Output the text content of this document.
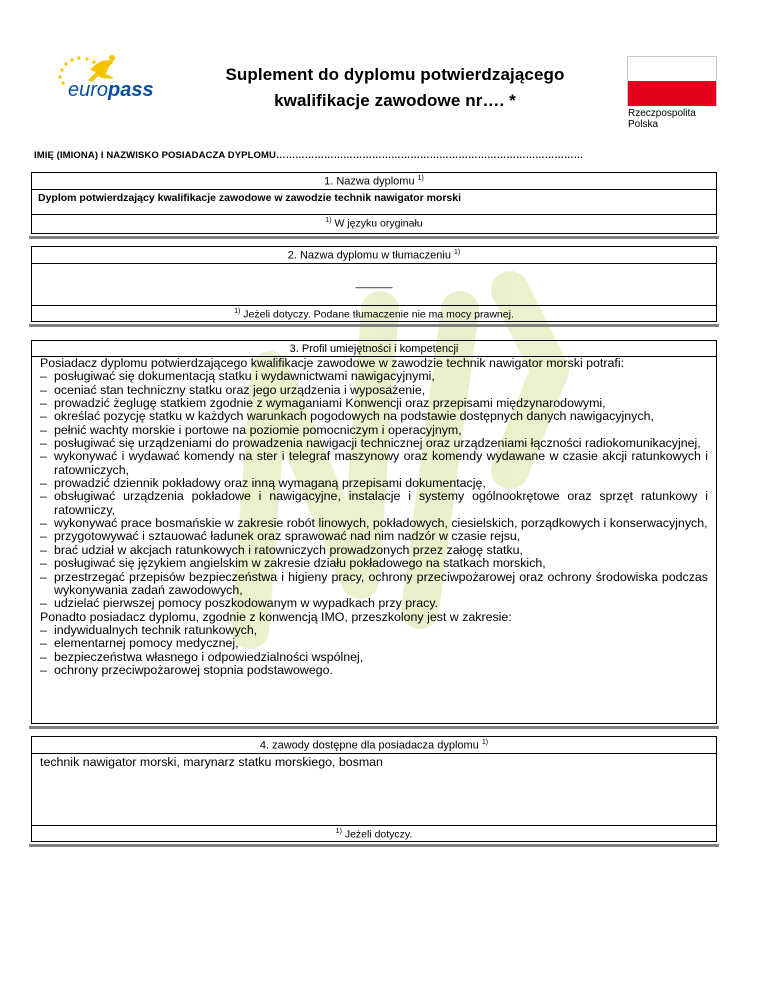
europass
Suplement do dyplomu potwierdzającego
kwalifikacje zawodowe nr…. *
Rzeczpospolita
Polska
IMIĘ (IMIONA) I NAZWISKO POSIADACZA DYPLOMU……………………………………………………………………………………
1. Nazwa dyplomu $^{1)}$
Dyplom potwierdzający kwalifikacje zawodowe w zawodzie technik nawigator morski
$^{1)}$ W języku oryginału
2. Nazwa dyplomu w tłumaczeniu $^{1)}$
______
$^{1)}$ Jeżeli dotyczy. Podane tłumaczenie nie ma mocy prawnej.
3. Profil umiejętności i kompetencji
Posiadacz dyplomu potwierdzającego kwalifikacje zawodowe w zawodzie technik nawigator morski potrafi:
– posługiwać się dokumentacją statku i wydawnictwami nawigacyjnymi,
– oceniać stan techniczny statku oraz jego urządzenia i wyposażenie,
– prowadzić żeglugę statkiem zgodnie z wymaganiami Konwencji oraz przepisami międzynarodowymi,
– określać pozycję statku w każdych warunkach pogodowych na podstawie dostępnych danych nawigacyjnych,
– pełnić wachty morskie i portowe na poziomie pomocniczym i operacyjnym,
– posługiwać się urządzeniami do prowadzenia nawigacji technicznej oraz urządzeniami łączności radiokomunikacyjnej,
– wykonywać i wydawać komendy na ster i telegraf maszynowy oraz komendy wydawane w czasie akcji ratunkowych i ratowniczych,
– prowadzić dziennik pokładowy oraz inną wymaganą przepisami dokumentację,
– obsługiwać urządzenia pokładowe i nawigacyjne, instalacje i systemy ogólnookrętowe oraz sprzęt ratunkowy i ratowniczy,
– wykonywać prace bosmańskie w zakresie robót linowych, pokładowych, ciesielskich, porządkowych i konserwacyjnych,
– przygotowywać i sztauować ładunek oraz sprawować nad nim nadzór w czasie rejsu,
– brać udział w akcjach ratunkowych i ratowniczych prowadzonych przez załogę statku,
– posługiwać się językiem angielskim w zakresie działu pokładowego na statkach morskich,
– przestrzegać przepisów bezpieczeństwa i higieny pracy, ochrony przeciwpożarowej oraz ochrony środowiska podczas wykonywania zadań zawodowych,
– udzielać pierwszej pomocy poszkodowanym w wypadkach przy pracy.
Ponadto posiadacz dyplomu, zgodnie z konwencją IMO, przeszkolony jest w zakresie:
– indywidualnych technik ratunkowych,
– elementarnej pomocy medycznej,
– bezpieczeństwa własnego i odpowiedzialności wspólnej,
– ochrony przeciwpożarowej stopnia podstawowego.
4. zawody dostępne dla posiadacza dyplomu $^{1)}$
technik nawigator morski, marynarz statku morskiego, bosman
$^{1)}$ Jeżeli dotyczy.
